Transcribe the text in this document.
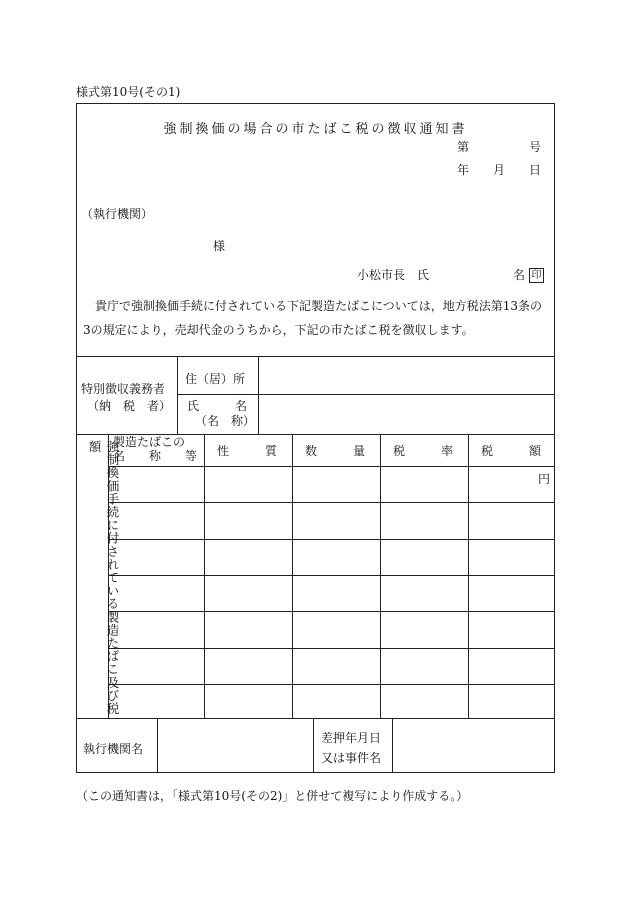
様式第10号(その1)
強制換価の場合の市たばこ税の徴収通知書
第　　　　　号
年　　月　　日
（執行機関）
様
小松市長　氏　　　　　　　名 印
　貴庁で強制換価手続に付されている下記製造たばこについては，地方税法第13条の3の規定により，売却代金のうちから，下記の市たばこ税を徴収します。
特別徴収義務者
（納　税　者）
住（居）所
氏　　　名
（名　称）
強制換価手続に付されている製造たばこ及び税額 製造たばこの
名　　称　　等 性　　　質 数　　　量 税　　　率 税　　　額
円
執行機関名
差押年月日
又は事件名
（この通知書は，「様式第10号(その2)」と併せて複写により作成する。）
